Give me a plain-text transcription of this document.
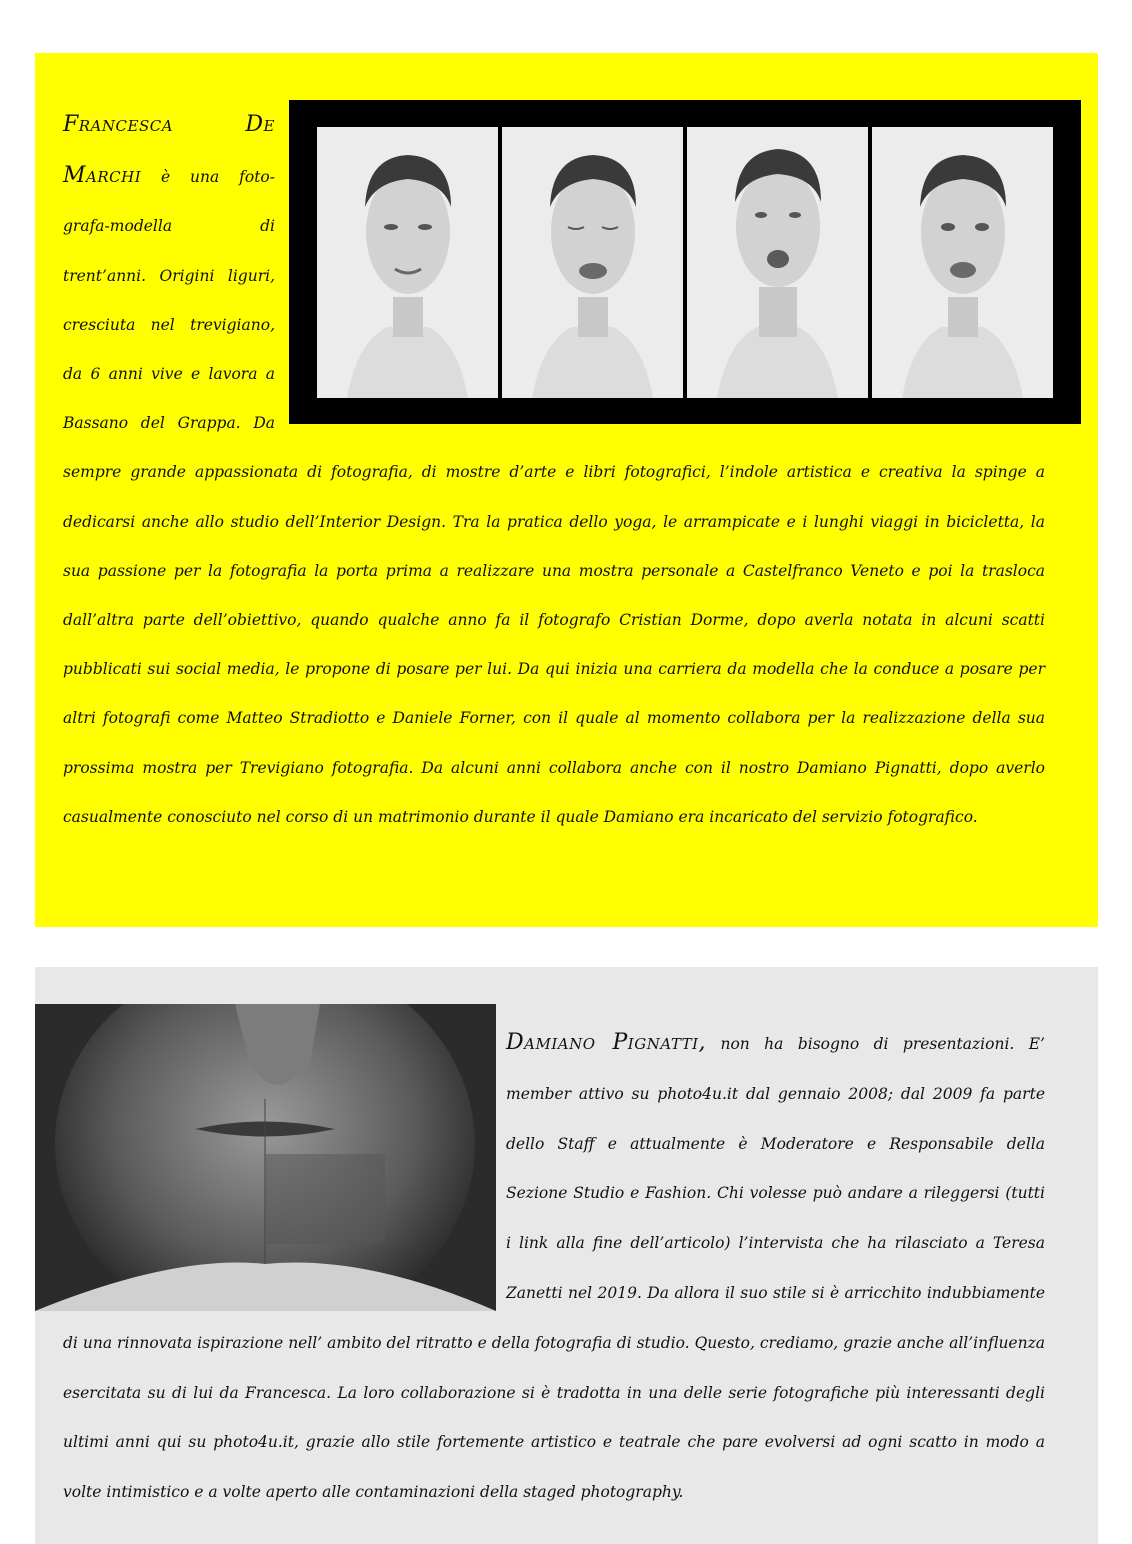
Francesca De Marchi è una foto-grafa-modella di trent’anni. Origini liguri, cresciuta nel trevigiano, da 6 anni vive e lavora a Bassano del Grappa. Da sempre grande appassionata di fotografia, di mostre d’arte e libri fotografici, l’indole artistica e creativa la spinge a dedicarsi anche allo studio dell’Interior Design. Tra la pratica dello yoga, le arrampicate e i lunghi viaggi in bicicletta, la sua passione per la fotografia la porta prima a realizzare una mostra personale a Castelfranco Veneto e poi la trasloca dall’altra parte dell’obiettivo, quando qualche anno fa il fotografo Cristian Dorme, dopo averla notata in alcuni scatti pubblicati sui social media, le propone di posare per lui. Da qui inizia una carriera da modella che la conduce a posare per altri fotografi come Matteo Stradiotto e Daniele Forner, con il quale al momento collabora per la realizzazione della sua prossima mostra per Trevigiano fotografia. Da alcuni anni collabora anche con il nostro Damiano Pignatti, dopo averlo casualmente conosciuto nel corso di un matrimonio durante il quale Damiano era incaricato del servizio fotografico.

Damiano Pignatti, non ha bisogno di presentazioni. E’ member attivo su photo4u.it dal gennaio 2008; dal 2009 fa parte dello Staff e attualmente è Moderatore e Responsabile della Sezione Studio e Fashion. Chi volesse può andare a rileggersi (tutti i link alla fine dell’articolo) l’intervista che ha rilasciato a Teresa Zanetti nel 2019. Da allora il suo stile si è arricchito indubbiamente di una rinnovata ispirazione nell’ ambito del ritratto e della fotografia di studio. Questo, crediamo, grazie anche all’influenza esercitata su di lui da Francesca. La loro collaborazione si è tradotta in una delle serie fotografiche più interessanti degli ultimi anni qui su photo4u.it, grazie allo stile fortemente artistico e teatrale che pare evolversi ad ogni scatto in modo a volte intimistico e a volte aperto alle contaminazioni della staged photography.
